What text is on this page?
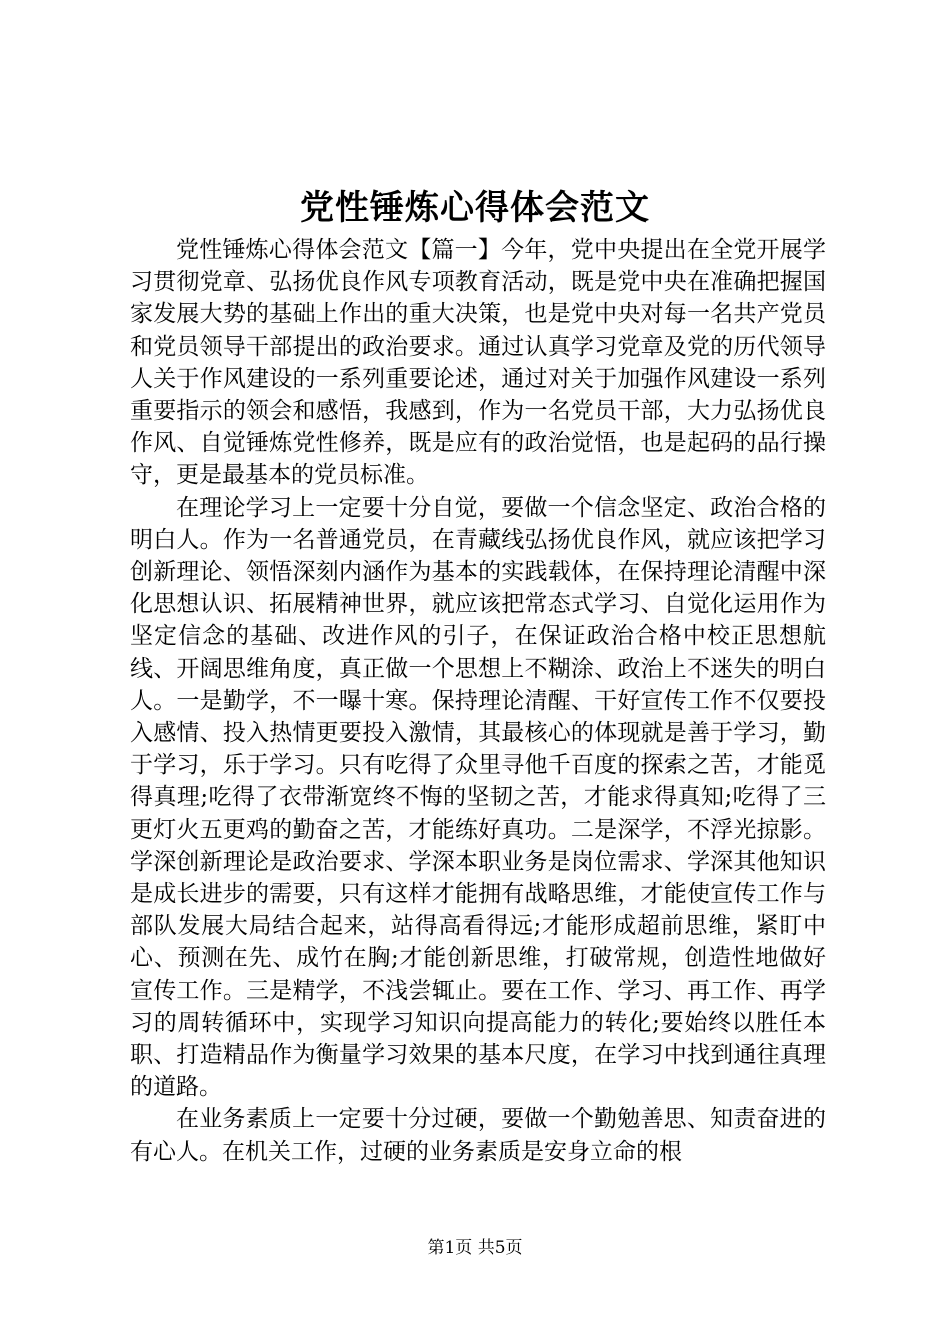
党性锤炼心得体会范文

党性锤炼心得体会范文【篇一】今年，党中央提出在全党开展学习贯彻党章、弘扬优良作风专项教育活动，既是党中央在准确把握国家发展大势的基础上作出的重大决策，也是党中央对每一名共产党员和党员领导干部提出的政治要求。通过认真学习党章及党的历代领导人关于作风建设的一系列重要论述，通过对关于加强作风建设一系列重要指示的领会和感悟，我感到，作为一名党员干部，大力弘扬优良作风、自觉锤炼党性修养，既是应有的政治觉悟，也是起码的品行操守，更是最基本的党员标准。

在理论学习上一定要十分自觉，要做一个信念坚定、政治合格的明白人。作为一名普通党员，在青藏线弘扬优良作风，就应该把学习创新理论、领悟深刻内涵作为基本的实践载体，在保持理论清醒中深化思想认识、拓展精神世界，就应该把常态式学习、自觉化运用作为坚定信念的基础、改进作风的引子，在保证政治合格中校正思想航线、开阔思维角度，真正做一个思想上不糊涂、政治上不迷失的明白人。一是勤学，不一曝十寒。保持理论清醒、干好宣传工作不仅要投入感情、投入热情更要投入激情，其最核心的体现就是善于学习，勤于学习，乐于学习。只有吃得了众里寻他千百度的探索之苦，才能觅得真理;吃得了衣带渐宽终不悔的坚韧之苦，才能求得真知;吃得了三更灯火五更鸡的勤奋之苦，才能练好真功。二是深学，不浮光掠影。学深创新理论是政治要求、学深本职业务是岗位需求、学深其他知识是成长进步的需要，只有这样才能拥有战略思维，才能使宣传工作与部队发展大局结合起来，站得高看得远;才能形成超前思维，紧盯中心、预测在先、成竹在胸;才能创新思维，打破常规，创造性地做好宣传工作。三是精学，不浅尝辄止。要在工作、学习、再工作、再学习的周转循环中，实现学习知识向提高能力的转化;要始终以胜任本职、打造精品作为衡量学习效果的基本尺度，在学习中找到通往真理的道路。

在业务素质上一定要十分过硬，要做一个勤勉善思、知责奋进的有心人。在机关工作，过硬的业务素质是安身立命的根

第1页 共5页
